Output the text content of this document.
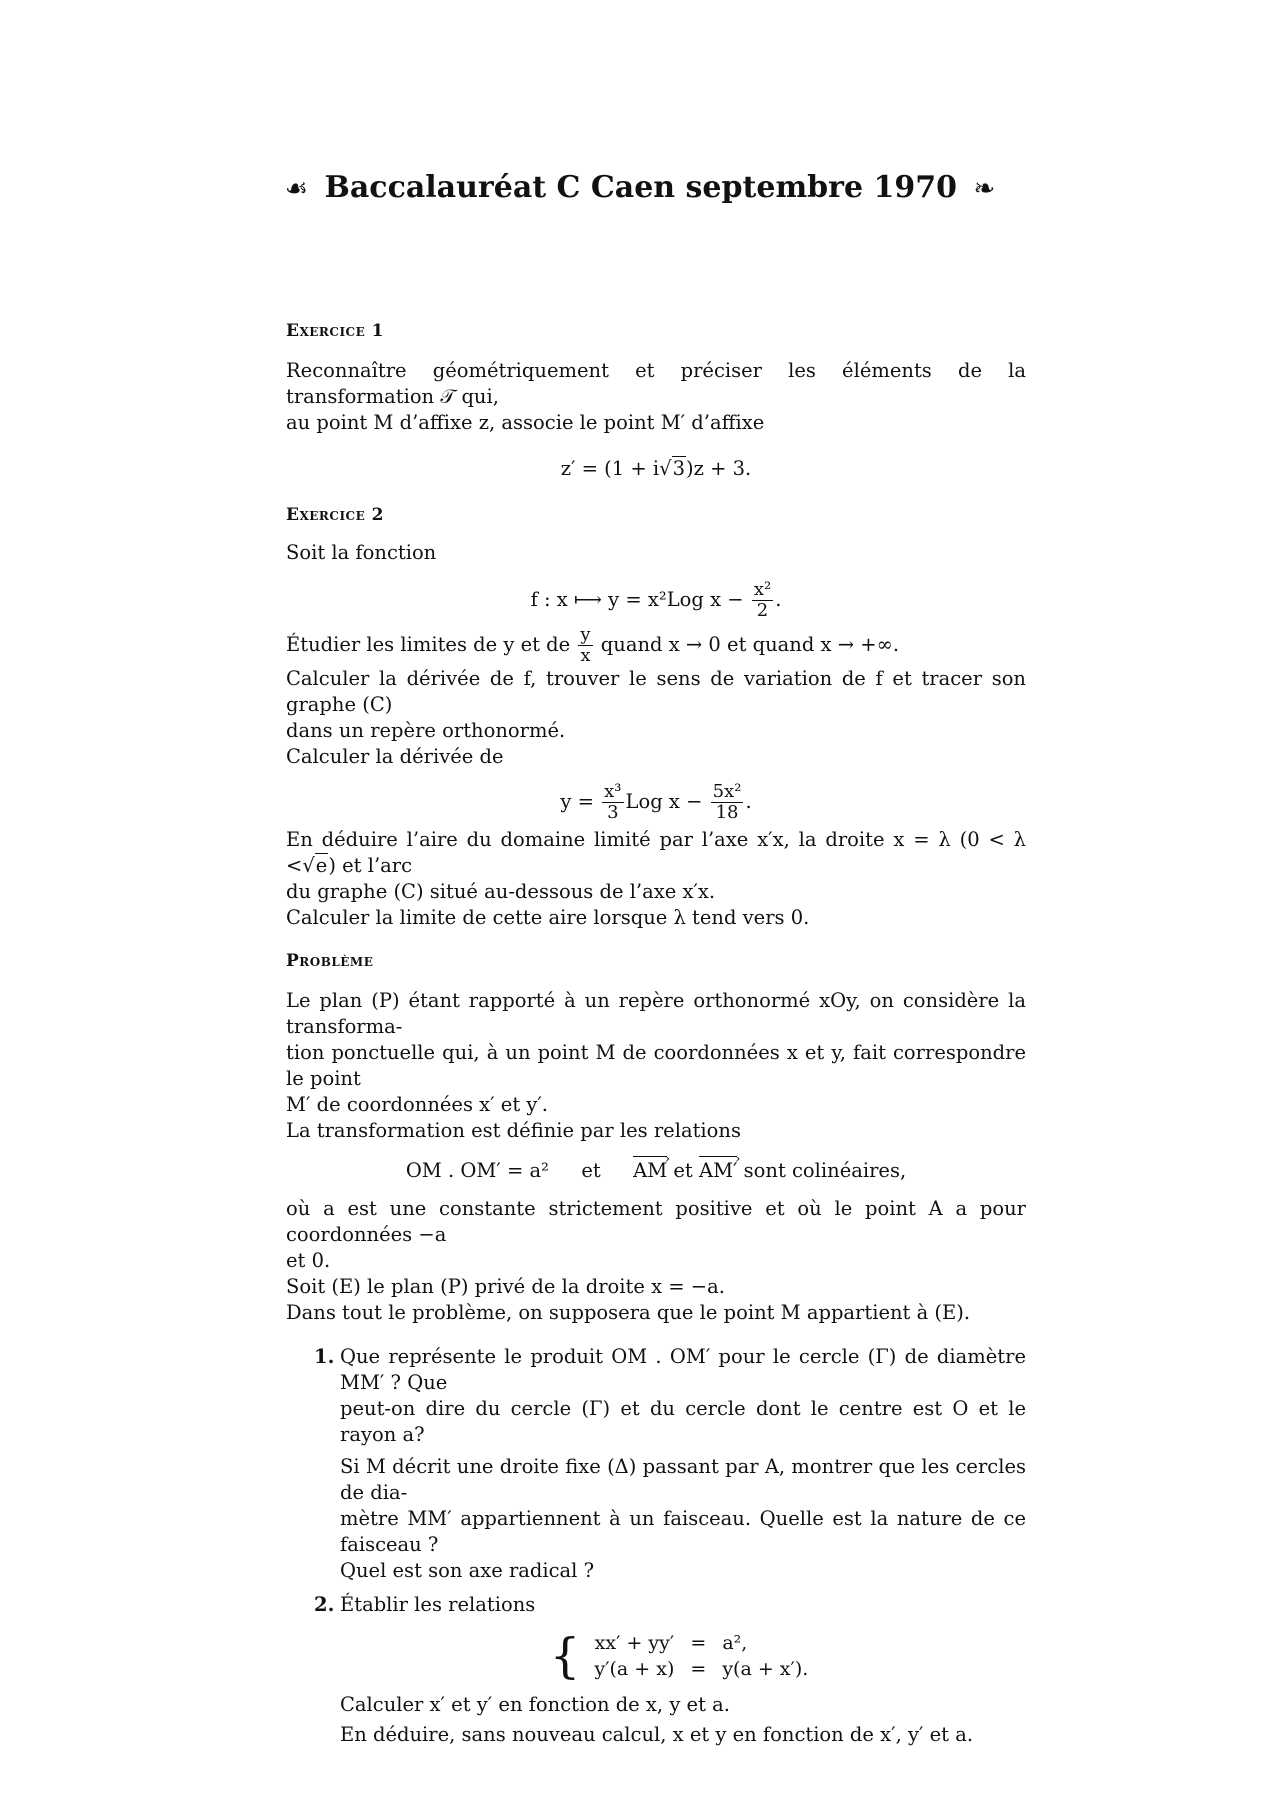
☙ Baccalauréat C Caen septembre 1970 ❧
Exercice 1

Reconnaître géométriquement et préciser les éléments de la transformation 𝒯 qui,

au point M d’affixe z, associe le point M′ d’affixe

z′ = (1 + i√3)z + 3.

Exercice 2

Soit la fonction

f : x ⟼ y = x²Log $x - \frac{\text{x²}}{2}$ .

Étudier les limites de y et de $\frac{y}{x}$ quand x → 0 et quand x → +∞.

Calculer la dérivée de f, trouver le sens de variation de f et tracer son graphe (C)

dans un repère orthonormé.

Calculer la dérivée de

$y = \frac{\text{x³}}{3}$ Log $x - \frac{\text{5x²}}{18}$ .

En déduire l’aire du domaine limité par l’axe x′x, la droite x = λ (0 < λ <√e) et l’arc

du graphe (C) situé au-dessous de l’axe x′x.

Calculer la limite de cette aire lorsque λ tend vers 0.

Problème

Le plan (P) étant rapporté à un repère orthonormé xOy, on considère la transforma-

tion ponctuelle qui, à un point M de coordonnées x et y, fait correspondre le point

M′ de coordonnées x′ et y′.

La transformation est définie par les relations

OM . OM′ = a² et AM › et AM′ › sont colinéaires,

où a est une constante strictement positive et où le point A a pour coordonnées −a

et 0.

Soit (E) le plan (P) privé de la droite x = −a.

Dans tout le problème, on supposera que le point M appartient à (E).

1. Que représente le produit OM . OM′ pour le cercle (Γ) de diamètre MM′ ? Que

peut-on dire du cercle (Γ) et du cercle dont le centre est O et le rayon a?

Si M décrit une droite fixe (Δ) passant par A, montrer que les cercles de dia-

mètre MM′ appartiennent à un faisceau. Quelle est la nature de ce faisceau ?

Quel est son axe radical ?

2. Établir les relations

{ xx′ + yy′	=	a²,
y′(a + x)	=	y(a + x′).

Calculer x′ et y′ en fonction de x, y et a.

En déduire, sans nouveau calcul, x et y en fonction de x′, y′ et a.
